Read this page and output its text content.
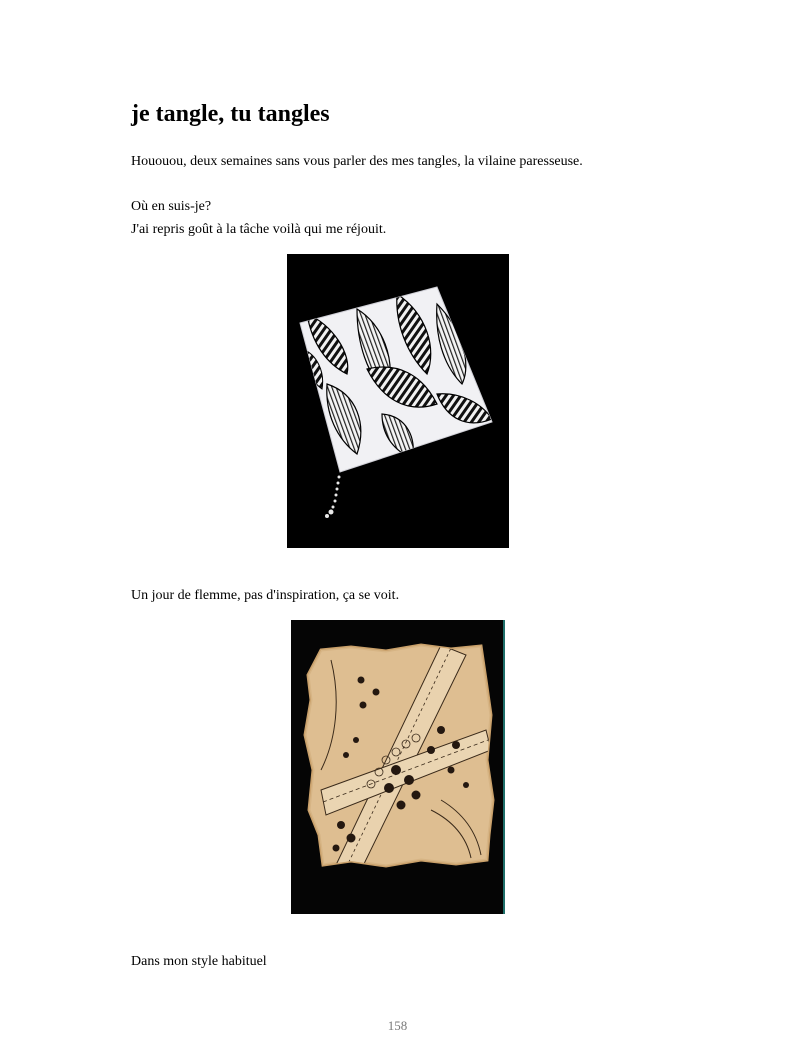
je tangle, tu tangles

Hououou, deux semaines sans vous parler des mes tangles, la vilaine paresseuse.

Où en suis-je?

J'ai repris goût à la tâche voilà qui me réjouit.

Un jour de flemme, pas d'inspiration, ça se voit.

Dans mon style habituel

158
